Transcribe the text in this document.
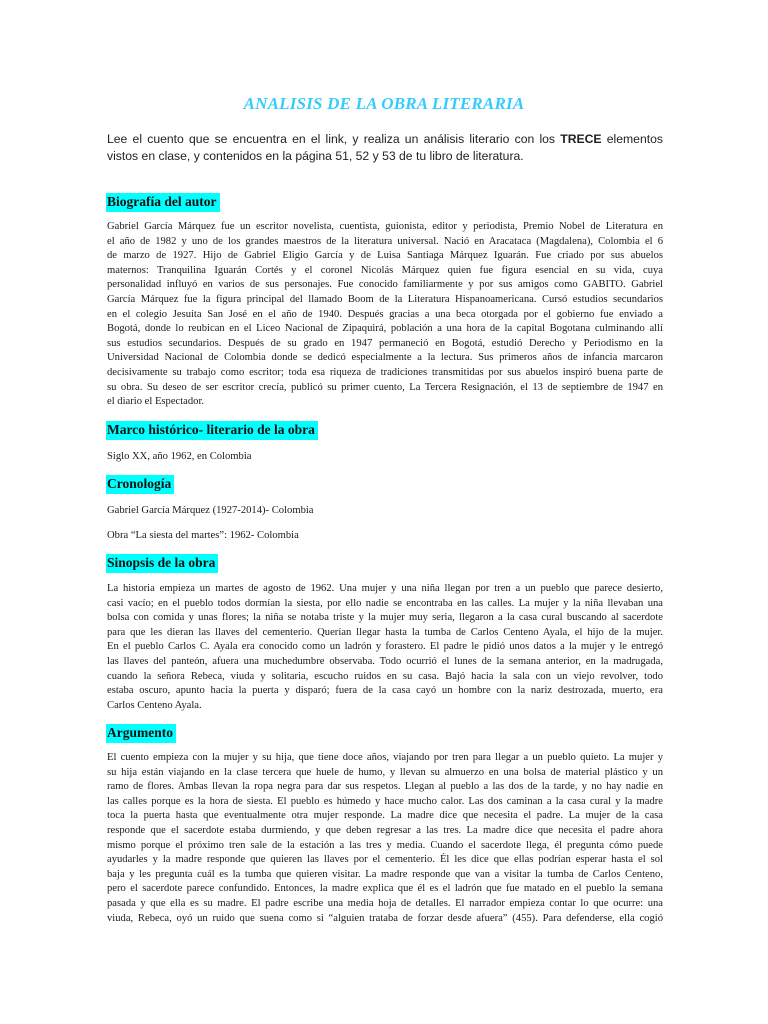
ANALISIS DE LA OBRA LITERARIA
Lee el cuento que se encuentra en el link, y realiza un análisis literario con los TRECE elementos vistos en clase, y contenidos en la página 51, 52 y 53 de tu libro de literatura.
Biografía del autor
Gabriel García Márquez fue un escritor novelista, cuentista, guionista, editor y periodista, Premio Nobel de Literatura en
el año de 1982 y uno de los grandes maestros de la literatura universal. Nació en Aracataca (Magdalena), Colombia el 6
de marzo de 1927. Hijo de Gabriel Eligio García y de Luisa Santiaga Márquez Iguarán. Fue criado por sus abuelos
maternos: Tranquilina Iguarán Cortés y el coronel Nicolás Márquez quien fue figura esencial en su vida, cuya
personalidad influyó en varios de sus personajes. Fue conocido familiarmente y por sus amigos como GABITO. Gabriel
García Márquez fue la figura principal del llamado Boom de la Literatura Hispanoamericana. Cursó estudios secundarios
en el colegio Jesuita San José en el año de 1940. Después gracias a una beca otorgada por el gobierno fue enviado a
Bogotá, donde lo reubican en el Liceo Nacional de Zipaquirá, población a una hora de la capital Bogotana culminando allí
sus estudios secundarios. Después de su grado en 1947 permaneció en Bogotá, estudió Derecho y Periodismo en la
Universidad Nacional de Colombia donde se dedicó especialmente a la lectura. Sus primeros años de infancia marcaron
decisivamente su trabajo como escritor; toda esa riqueza de tradiciones transmitidas por sus abuelos inspiró buena parte de
su obra. Su deseo de ser escritor crecía, publicó su primer cuento, La Tercera Resignación, el 13 de septiembre de 1947 en
el diario el Espectador.
Marco histórico- literario de la obra
Siglo XX, año 1962, en Colombia
Cronología
Gabriel García Márquez (1927-2014)- Colombia
Obra “La siesta del martes”: 1962- Colombia
Sinopsis de la obra
La historia empieza un martes de agosto de 1962. Una mujer y una niña llegan por tren a un pueblo que parece desierto,
casi vacío; en el pueblo todos dormían la siesta, por ello nadie se encontraba en las calles. La mujer y la niña llevaban una
bolsa con comida y unas flores; la niña se notaba triste y la mujer muy seria, llegaron a la casa cural buscando al sacerdote
para que les dieran las llaves del cementerio. Querían llegar hasta la tumba de Carlos Centeno Ayala, el hijo de la mujer.
En el pueblo Carlos C. Ayala era conocido como un ladrón y forastero. El padre le pidió unos datos a la mujer y le entregó
las llaves del panteón, afuera una muchedumbre observaba. Todo ocurrió el lunes de la semana anterior, en la madrugada,
cuando la señora Rebeca, viuda y solitaria, escucho ruidos en su casa. Bajó hacia la sala con un viejo revolver, todo
estaba oscuro, apunto hacia la puerta y disparó; fuera de la casa cayó un hombre con la nariz destrozada, muerto, era
Carlos Centeno Ayala.
Argumento
El cuento empieza con la mujer y su hija, que tiene doce años, viajando por tren para llegar a un pueblo quieto. La mujer y
su hija están viajando en la clase tercera que huele de humo, y llevan su almuerzo en una bolsa de material plástico y un
ramo de flores. Ambas llevan la ropa negra para dar sus respetos. Llegan al pueblo a las dos de la tarde, y no hay nadie en
las calles porque es la hora de siesta. El pueblo es húmedo y hace mucho calor. Las dos caminan a la casa cural y la madre
toca la puerta hasta que eventualmente otra mujer responde. La madre dice que necesita el padre. La mujer de la casa
responde que el sacerdote estaba durmiendo, y que deben regresar a las tres. La madre dice que necesita el padre ahora
mismo porque el próximo tren sale de la estación a las tres y media. Cuando el sacerdote llega, él pregunta cómo puede
ayudarles y la madre responde que quieren las llaves por el cementerio. Él les dice que ellas podrían esperar hasta el sol
baja y les pregunta cuál es la tumba que quieren visitar. La madre responde que van a visitar la tumba de Carlos Centeno,
pero el sacerdote parece confundido. Entonces, la madre explica que él es el ladrón que fue matado en el pueblo la semana
pasada y que ella es su madre. El padre escribe una media hoja de detalles. El narrador empieza contar lo que ocurre: una
viuda, Rebeca, oyó un ruido que suena como si “alguien trataba de forzar desde afuera” (455). Para defenderse, ella cogió
